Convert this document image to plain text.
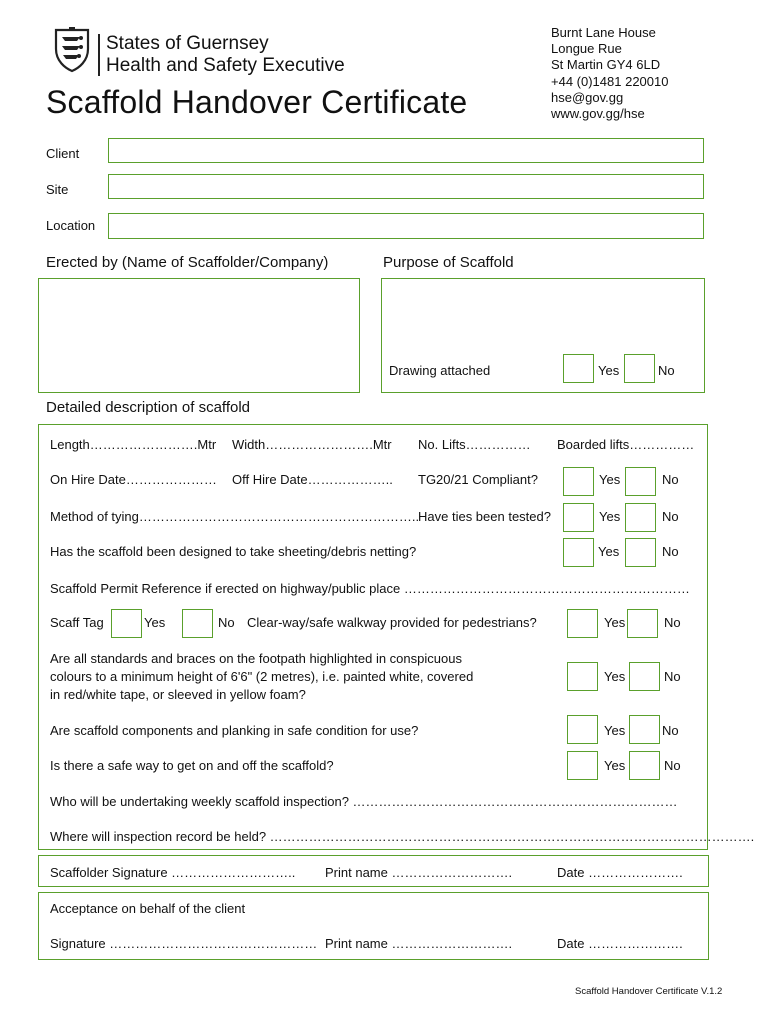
States of Guernsey
Health and Safety Executive
Scaffold Handover Certificate
Burnt Lane House
Longue Rue
St Martin GY4 6LD
+44 (0)1481 220010
hse@gov.gg
www.gov.gg/hse
Client
Site
Location
Erected by (Name of Scaffolder/Company)	Purpose of Scaffold
Drawing attached	Yes	No
Detailed description of scaffold
Length…………………….Mtr Width…………………….Mtr No. Lifts…………… Boarded lifts……………
On Hire Date………………… Off Hire Date……………….. TG20/21 Compliant?	Yes	No
Method of tying………………………………………………………..
Have ties been tested?	Yes	No
Has the scaffold been designed to take sheeting/debris netting?	Yes	No
Scaffold Permit Reference if erected on highway/public place …………………………………………………………
Scaff Tag	Yes	No Clear-way/safe walkway provided for pedestrians?	Yes	No
Are all standards and braces on the footpath highlighted in conspicuous
colours to a minimum height of 6'6" (2 metres), i.e. painted white, covered
in red/white tape, or sleeved in yellow foam?
Yes	No
Are scaffold components and planking in safe condition for use?	Yes	No
Is there a safe way to get on and off the scaffold?	Yes	No
Who will be undertaking weekly scaffold inspection? …………………………………………………………………
Where will inspection record be held? ………………………………………………………………………………………………….
Scaffolder Signature ……………………….. Print name ……………………….	Date ………………….
Acceptance on behalf of the client
Signature ………………………………………… Print name ……………………….	Date ………………….
Scaffold Handover Certificate V.1.2
